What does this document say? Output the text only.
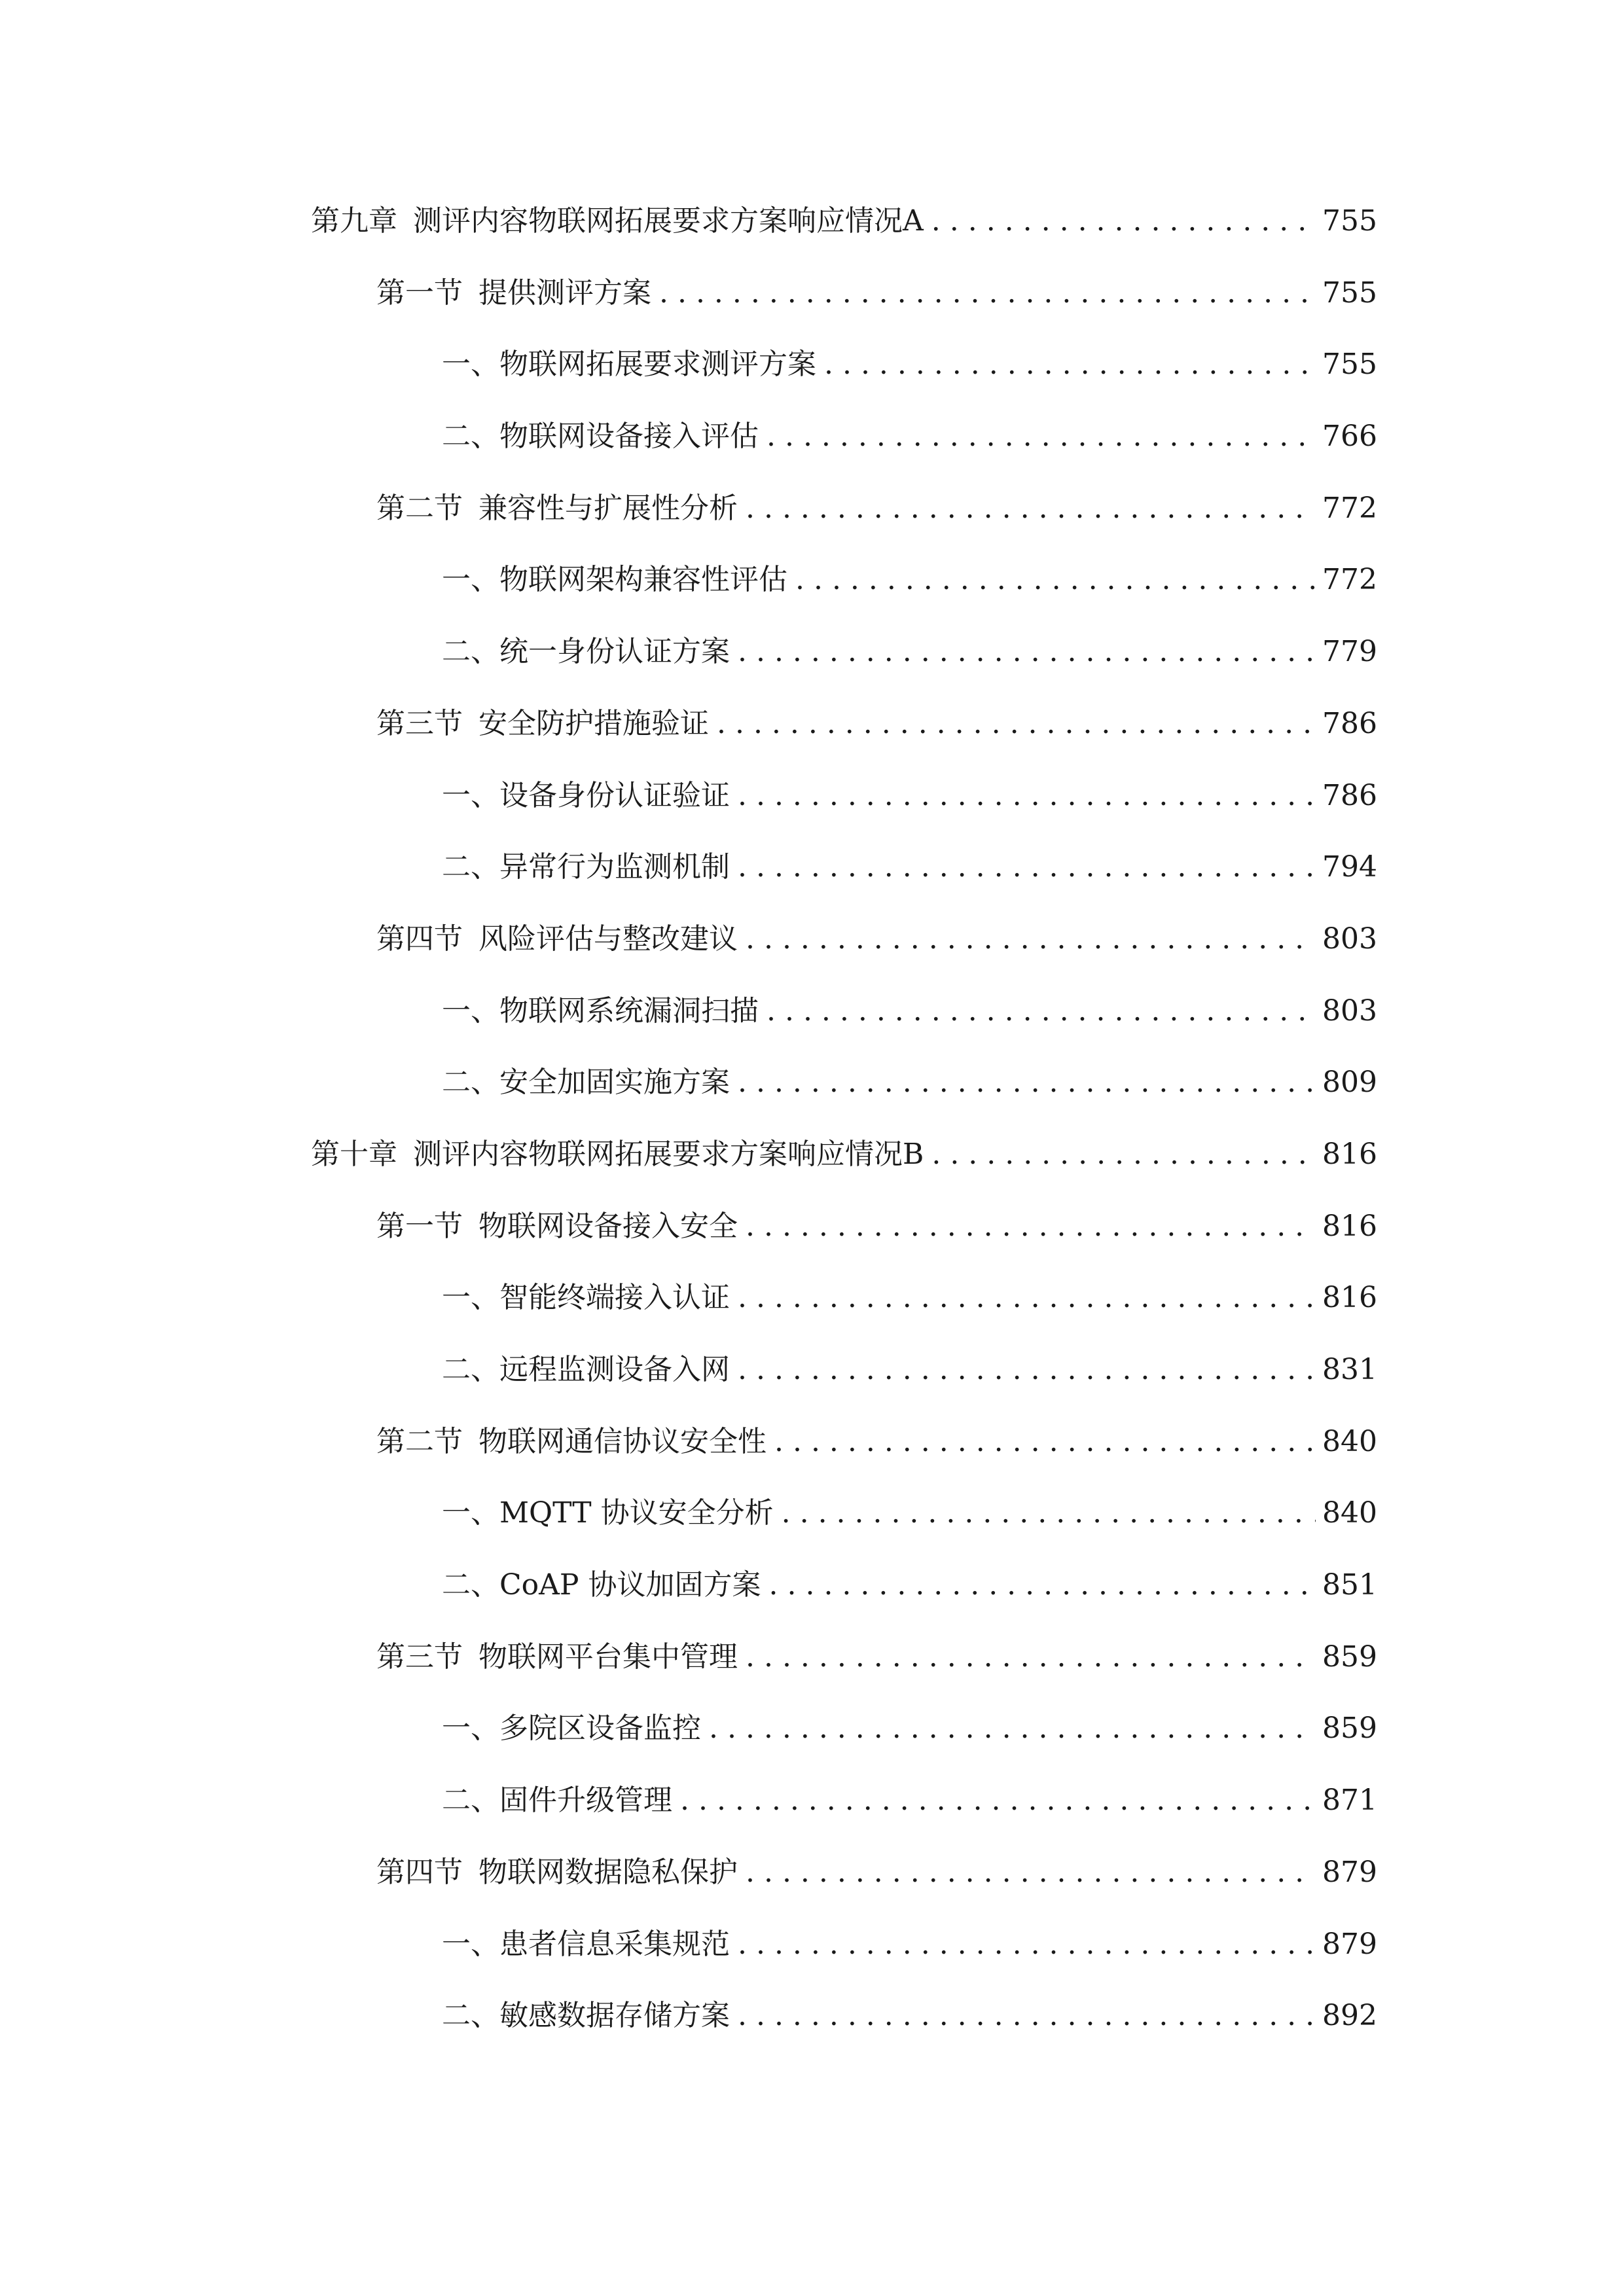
第九章 测评内容物联网拓展要求方案响应情况A . . .	755
第一节 提供测评方案 . . .	755
一、 物联网拓展要求测评方案 . . .	755
二、 物联网设备接入评估 . . .	766
第二节 兼容性与扩展性分析 . . .	772
一、 物联网架构兼容性评估 . . .	772
二、 统一身份认证方案 . . .	779
第三节 安全防护措施验证 . . .	786
一、 设备身份认证验证 . . .	786
二、 异常行为监测机制 . . .	794
第四节 风险评估与整改建议 . . .	803
一、 物联网系统漏洞扫描 . . .	803
二、 安全加固实施方案 . . .	809
第十章 测评内容物联网拓展要求方案响应情况B . . .	816
第一节 物联网设备接入安全 . . .	816
一、 智能终端接入认证 . . .	816
二、 远程监测设备入网 . . .	831
第二节 物联网通信协议安全性 . . .	840
一、 MQTT 协议安全分析 . . .	840
二、 CoAP 协议加固方案 . . .	851
第三节 物联网平台集中管理 . . .	859
一、 多院区设备监控 . . .	859
二、 固件升级管理 . . .	871
第四节 物联网数据隐私保护 . . .	879
一、 患者信息采集规范 . . .	879
二、 敏感数据存储方案 . . .	892
